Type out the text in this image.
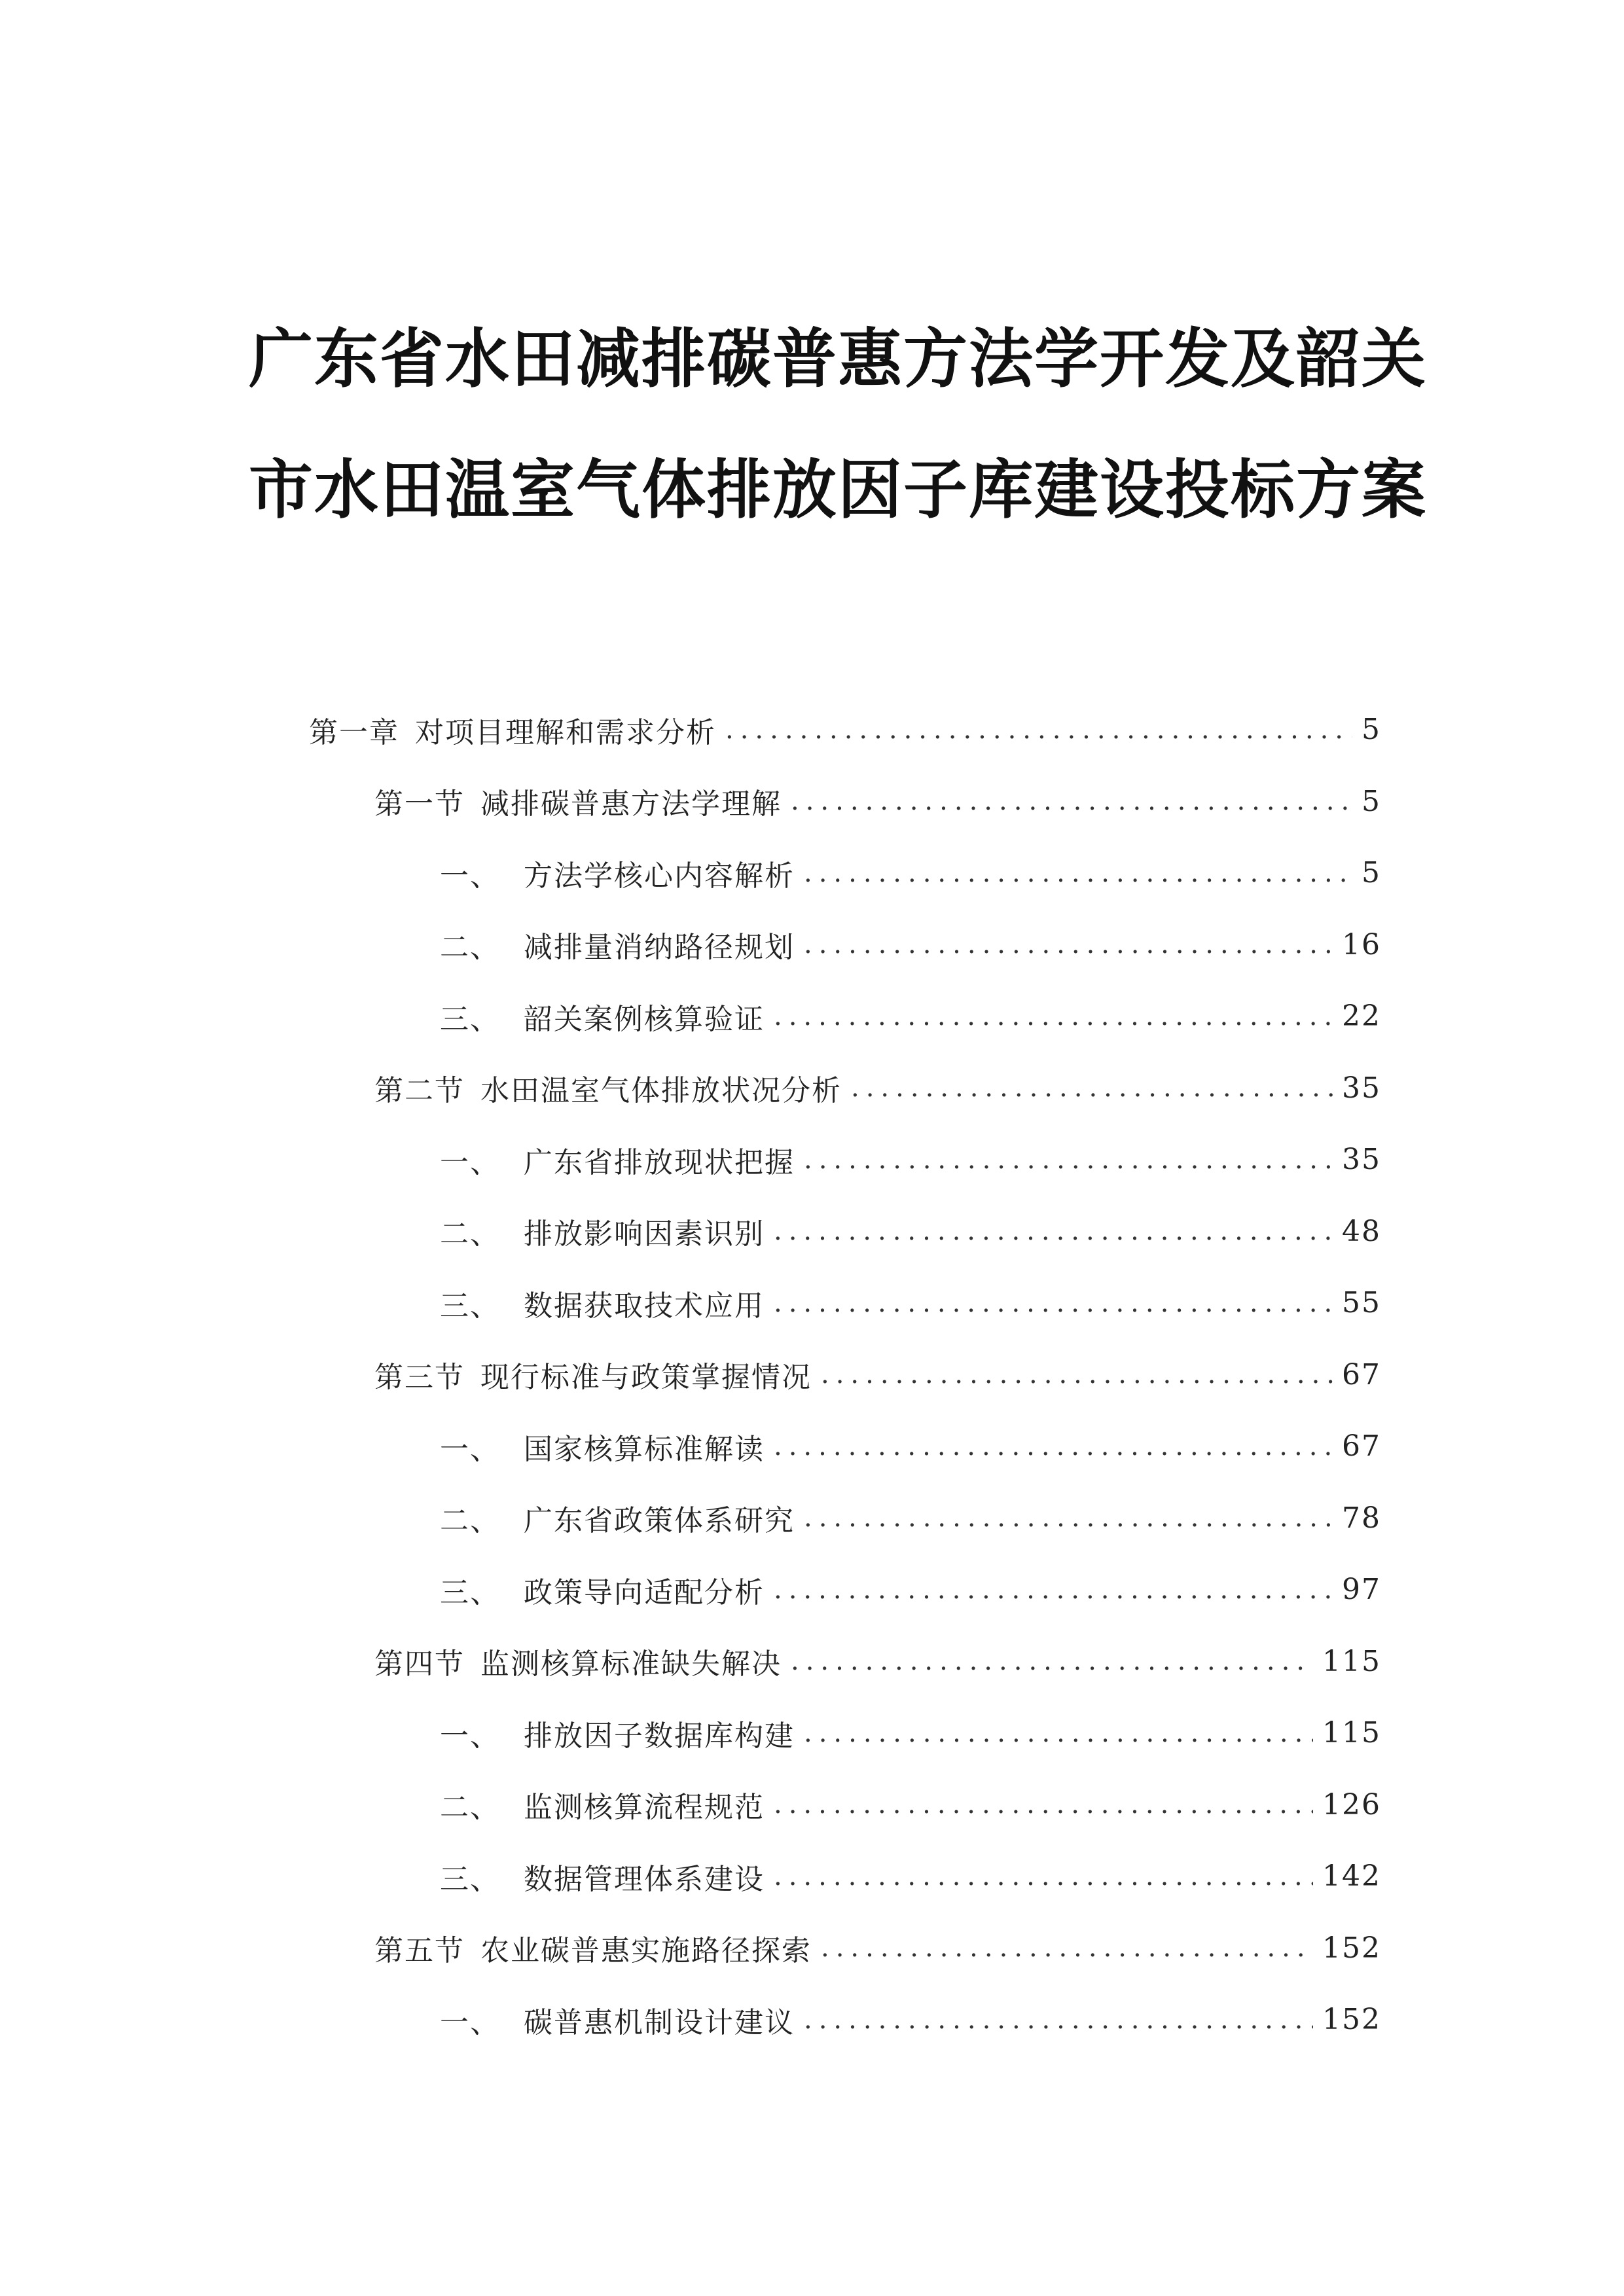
广东省水田减排碳普惠方法学开发及韶关
市水田温室气体排放因子库建设投标方案
第一章 对项目理解和需求分析 .....	5
第一节 减排碳普惠方法学理解 .....	5
一、 方法学核心内容解析 .....	5
二、 减排量消纳路径规划 .....	16
三、 韶关案例核算验证 .....	22
第二节 水田温室气体排放状况分析 .....	35
一、 广东省排放现状把握 .....	35
二、 排放影响因素识别 .....	48
三、 数据获取技术应用 .....	55
第三节 现行标准与政策掌握情况 .....	67
一、 国家核算标准解读 .....	67
二、 广东省政策体系研究 .....	78
三、 政策导向适配分析 .....	97
第四节 监测核算标准缺失解决 .....	115
一、 排放因子数据库构建 .....	115
二、 监测核算流程规范 .....	126
三、 数据管理体系建设 .....	142
第五节 农业碳普惠实施路径探索 .....	152
一、 碳普惠机制设计建议 .....	152
